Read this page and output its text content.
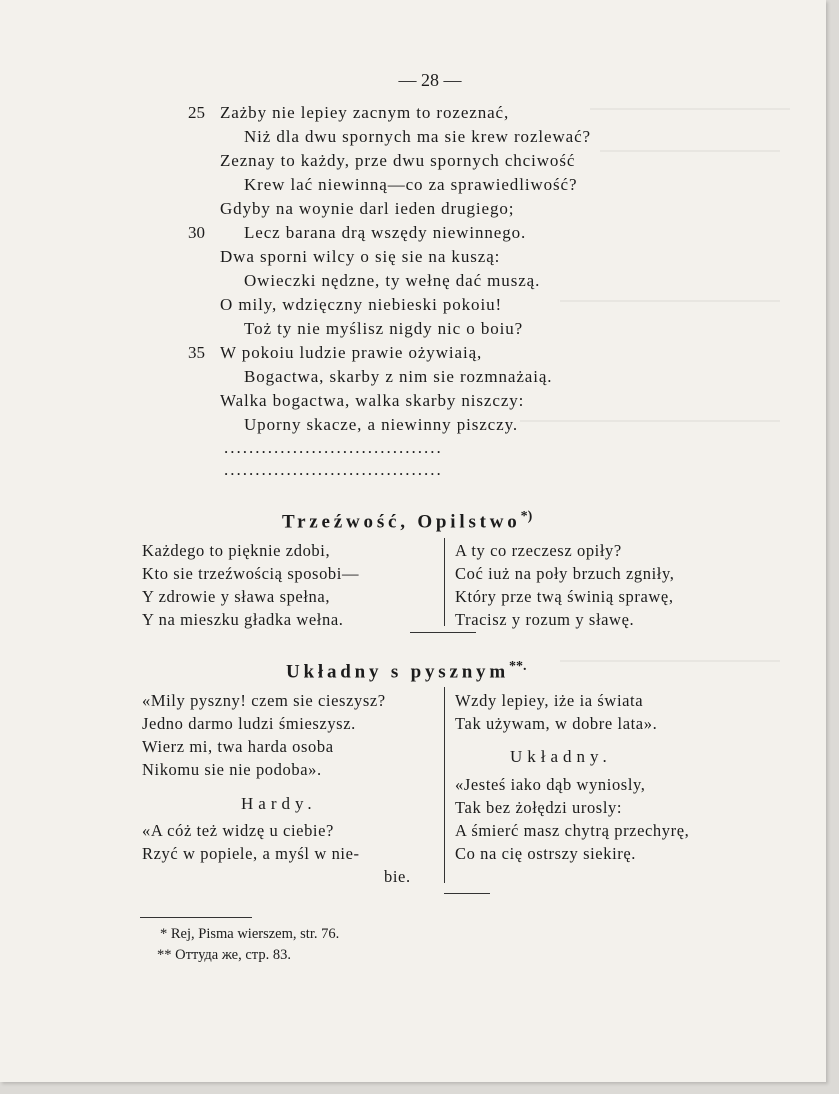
— 28 —
25 Zażby nie lepiey zacnym to rozeznać,
Niż dla dwu spornych ma sie krew rozlewać?
Zeznay to każdy, prze dwu spornych chciwość
Krew lać niewinną—co za sprawiedliwość?
Gdyby na woynie darl ieden drugiego;
30 Lecz barana drą wszędy niewinnego.
Dwa sporni wilcy o się sie na kuszą:
Owieczki nędzne, ty wełnę dać muszą.
O mily, wdzięczny niebieski pokoiu!
Toż ty nie myślisz nigdy nic o boiu?
35 W pokoiu ludzie prawie ożywiaią,
Bogactwa, skarby z nim sie rozmnażaią.
Walka bogactwa, walka skarby niszczy:
Uporny skacze, a niewinny piszczy.
...................................
...................................
Trzeźwość, Opilstwo*)
Każdego to pięknie zdobi,
Kto sie trzeźwością sposobi—
Y zdrowie y sława spełna,
Y na mieszku gładka wełna.
A ty co rzeczesz opiły?
Coć iuż na poły brzuch zgniły,
Który prze twą świnią sprawę,
Tracisz y rozum y sławę.
Układny s pysznym**.
«Mily pyszny! czem sie cieszysz?
Jedno darmo ludzi śmieszysz.
Wierz mi, twa harda osoba
Nikomu sie nie podoba».
Hardy.
«A cóż też widzę u ciebie?
Rzyć w popiele, a myśl w nie-
bie.
Wzdy lepiey, iże ia świata
Tak używam, w dobre lata».
Układny.
«Jesteś iako dąb wyniosly,
Tak bez żołędzi urosly:
A śmierć masz chytrą przechyrę,
Co na cię ostrszy siekirę.
* Rej, Pisma wierszem, str. 76.
** Оттуда же, стр. 83.
